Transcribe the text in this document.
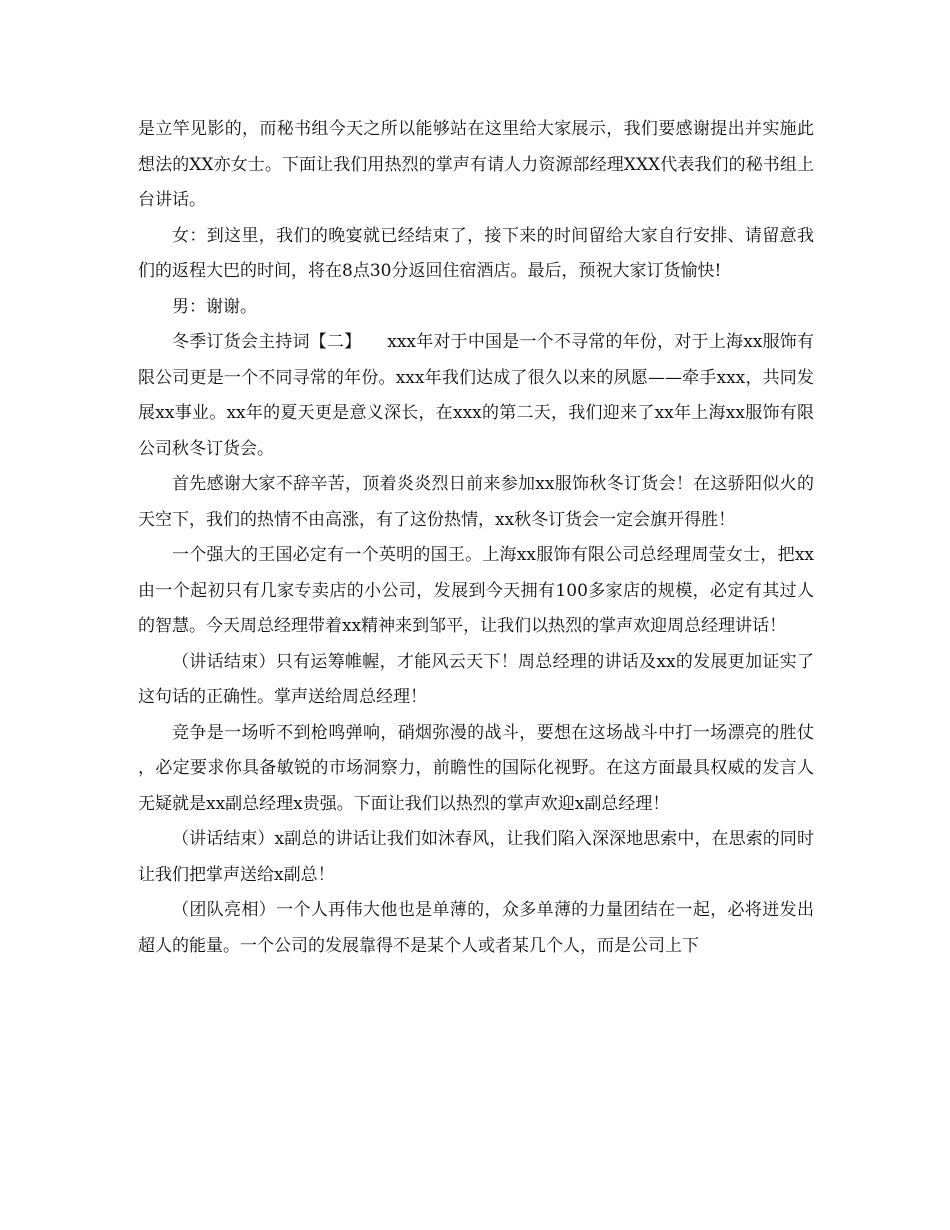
是立竿见影的，而秘书组今天之所以能够站在这里给大家展示，我们要感谢提出并实施此想法的XX亦女士。下面让我们用热烈的掌声有请人力资源部经理XXX代表我们的秘书组上台讲话。

女：到这里，我们的晚宴就已经结束了，接下来的时间留给大家自行安排、请留意我们的返程大巴的时间，将在8点30分返回住宿酒店。最后，预祝大家订货愉快!

男：谢谢。

冬季订货会主持词【二】　　xxx年对于中国是一个不寻常的年份，对于上海xx服饰有限公司更是一个不同寻常的年份。xxx年我们达成了很久以来的夙愿——牵手xxx，共同发展xx事业。xx年的夏天更是意义深长，在xxx的第二天，我们迎来了xx年上海xx服饰有限公司秋冬订货会。

首先感谢大家不辞辛苦，顶着炎炎烈日前来参加xx服饰秋冬订货会！在这骄阳似火的天空下，我们的热情不由高涨，有了这份热情，xx秋冬订货会一定会旗开得胜！

一个强大的王国必定有一个英明的国王。上海xx服饰有限公司总经理周莹女士，把xx由一个起初只有几家专卖店的小公司，发展到今天拥有100多家店的规模，必定有其过人的智慧。今天周总经理带着xx精神来到邹平，让我们以热烈的掌声欢迎周总经理讲话！

（讲话结束）只有运筹帷幄，才能风云天下！周总经理的讲话及xx的发展更加证实了这句话的正确性。掌声送给周总经理！

竞争是一场听不到枪鸣弹响，硝烟弥漫的战斗，要想在这场战斗中打一场漂亮的胜仗，必定要求你具备敏锐的市场洞察力，前瞻性的国际化视野。在这方面最具权威的发言人无疑就是xx副总经理x贵强。下面让我们以热烈的掌声欢迎x副总经理！

（讲话结束）x副总的讲话让我们如沐春风，让我们陷入深深地思索中，在思索的同时让我们把掌声送给x副总！

（团队亮相）一个人再伟大他也是单薄的，众多单薄的力量团结在一起，必将迸发出超人的能量。一个公司的发展靠得不是某个人或者某几个人，而是公司上下
